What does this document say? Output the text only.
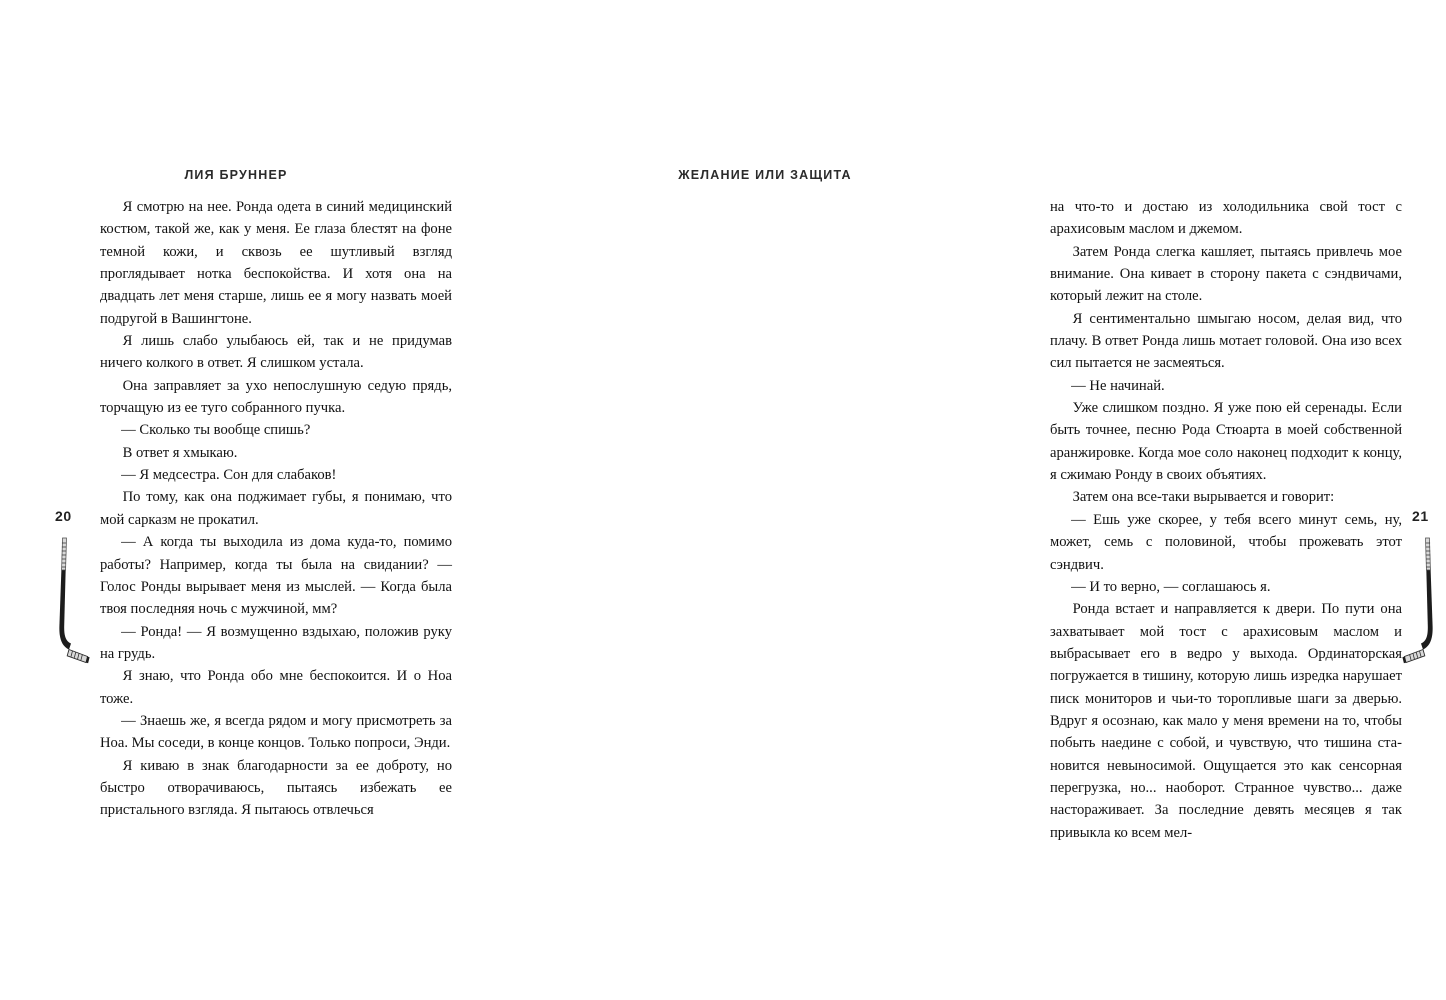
ЛИЯ БРУННЕР
20

Я смотрю на нее. Ронда одета в синий медицинский костюм, такой же, как у меня. Ее глаза блестят на фоне темной кожи, и сквозь ее шутливый взгляд проглядывает нотка беспокойства. И хотя она на двадцать лет меня старше, лишь ее я могу назвать моей подругой в Вашингтоне.

Я лишь слабо улыбаюсь ей, так и не придумав ничего колкого в ответ. Я слишком устала.

Она заправляет за ухо непослушную седую прядь, торчащую из ее туго собранного пучка.

— Сколько ты вообще спишь?

В ответ я хмыкаю.

— Я медсестра. Сон для слабаков!

По тому, как она поджимает губы, я понимаю, что мой сарказм не прокатил.

— А когда ты выходила из дома куда-то, помимо работы? Например, когда ты была на свидании? — Голос Ронды вырывает меня из мыслей. — Когда была твоя последняя ночь с мужчиной, мм?

— Ронда! — Я возмущенно вздыхаю, положив руку на грудь.

Я знаю, что Ронда обо мне беспокоится. И о Ноа тоже.

— Знаешь же, я всегда рядом и могу присмотреть за Ноа. Мы соседи, в конце концов. Только попроси, Энди.

Я киваю в знак благодарности за ее доброту, но быстро отворачиваюсь, пытаясь избежать ее пристального взгляда. Я пытаюсь отвлечься

ЖЕЛАНИЕ ИЛИ ЗАЩИТА
21

на что-то и достаю из холодильника свой тост с арахисовым маслом и джемом.

Затем Ронда слегка кашляет, пытаясь привлечь мое внимание. Она кивает в сторону пакета с сэндвичами, который лежит на столе.

Я сентиментально шмыгаю носом, делая вид, что плачу. В ответ Ронда лишь мотает головой. Она изо всех сил пытается не засмеяться.

— Не начинай.

Уже слишком поздно. Я уже пою ей серенады. Если быть точнее, песню Рода Стюарта в моей собственной аранжировке. Когда мое соло наконец подходит к концу, я сжимаю Ронду в своих объятиях.

Затем она все-таки вырывается и говорит:

— Ешь уже скорее, у тебя всего минут семь, ну, может, семь с половиной, чтобы прожевать этот сэндвич.

— И то верно, — соглашаюсь я.

Ронда встает и направляется к двери. По пути она захватывает мой тост с арахисовым маслом и выбрасывает его в ведро у выхода. Ординаторская погружается в тишину, которую лишь изредка нарушает писк мониторов и чьи-то торопливые шаги за дверью. Вдруг я осознаю, как мало у меня времени на то, чтобы побыть наедине с собой, и чувствую, что тишина становится невыносимой. Ощущается это как сенсорная перегрузка, но... наоборот. Странное чувство... даже настораживает. За последние девять месяцев я так привыкла ко всем мел-
